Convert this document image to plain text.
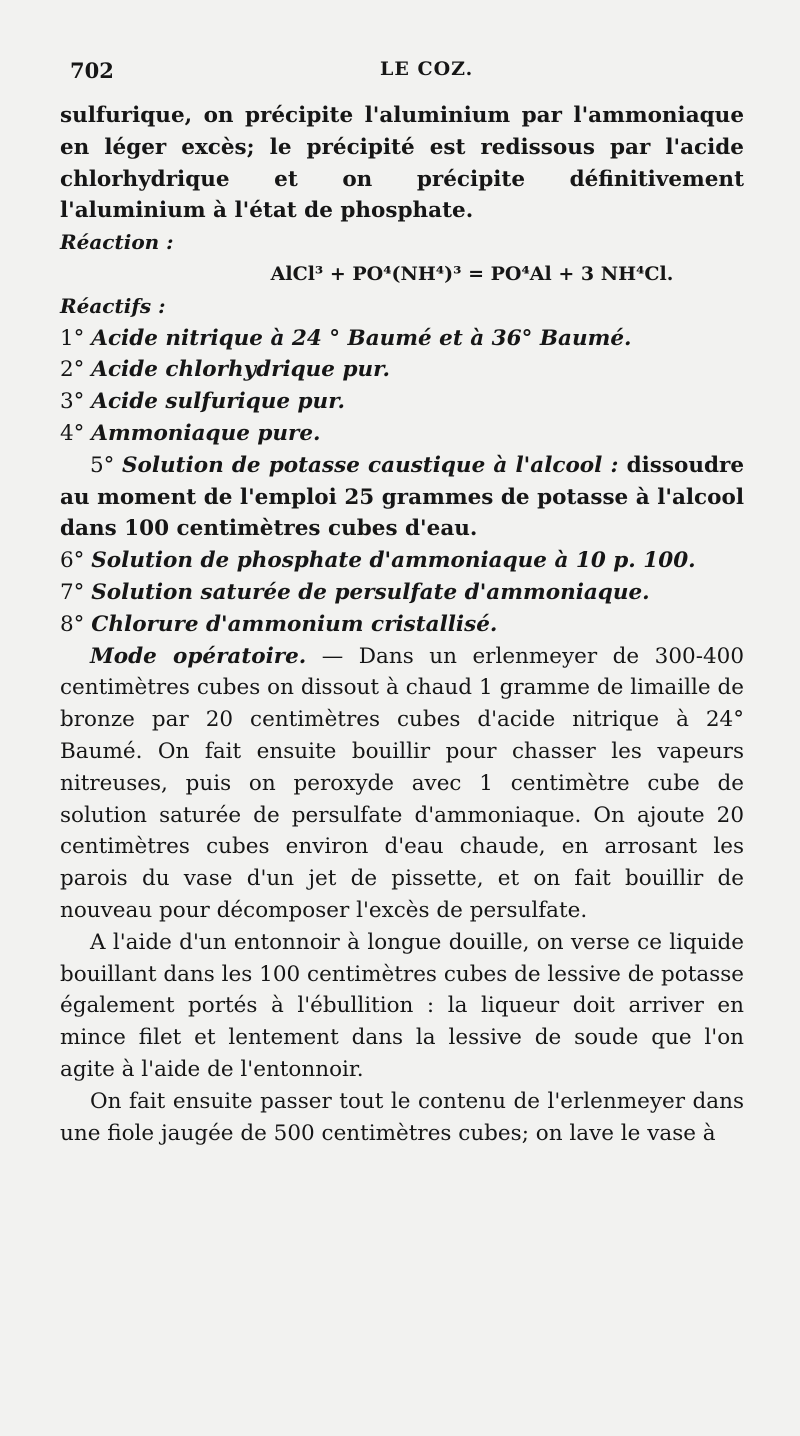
702	LE COZ.

sulfurique, on précipite l'aluminium par l'ammoniaque en léger excès; le précipité est redissous par l'acide chlorhydrique et on précipite définitivement l'aluminium à l'état de phosphate.

Réaction :

AlCl³ + PO⁴(NH⁴)³ = PO⁴Al + 3 NH⁴Cl.

Réactifs :

1° Acide nitrique à 24 ° Baumé et à 36° Baumé.

2° Acide chlorhydrique pur.

3° Acide sulfurique pur.

4° Ammoniaque pure.

5° Solution de potasse caustique à l'alcool : dissoudre au moment de l'emploi 25 grammes de potasse à l'alcool dans 100 centimètres cubes d'eau.

6° Solution de phosphate d'ammoniaque à 10 p. 100.

7° Solution saturée de persulfate d'ammoniaque.

8° Chlorure d'ammonium cristallisé.

Mode opératoire. — Dans un erlenmeyer de 300-400 centimètres cubes on dissout à chaud 1 gramme de limaille de bronze par 20 centimètres cubes d'acide nitrique à 24° Baumé. On fait ensuite bouillir pour chasser les vapeurs nitreuses, puis on peroxyde avec 1 centimètre cube de solution saturée de persulfate d'ammoniaque. On ajoute 20 centimètres cubes environ d'eau chaude, en arrosant les parois du vase d'un jet de pissette, et on fait bouillir de nouveau pour décomposer l'excès de persulfate.

A l'aide d'un entonnoir à longue douille, on verse ce liquide bouillant dans les 100 centimètres cubes de lessive de potasse également portés à l'ébullition : la liqueur doit arriver en mince filet et lentement dans la lessive de soude que l'on agite à l'aide de l'entonnoir.

On fait ensuite passer tout le contenu de l'erlenmeyer dans une fiole jaugée de 500 centimètres cubes; on lave le vase à
